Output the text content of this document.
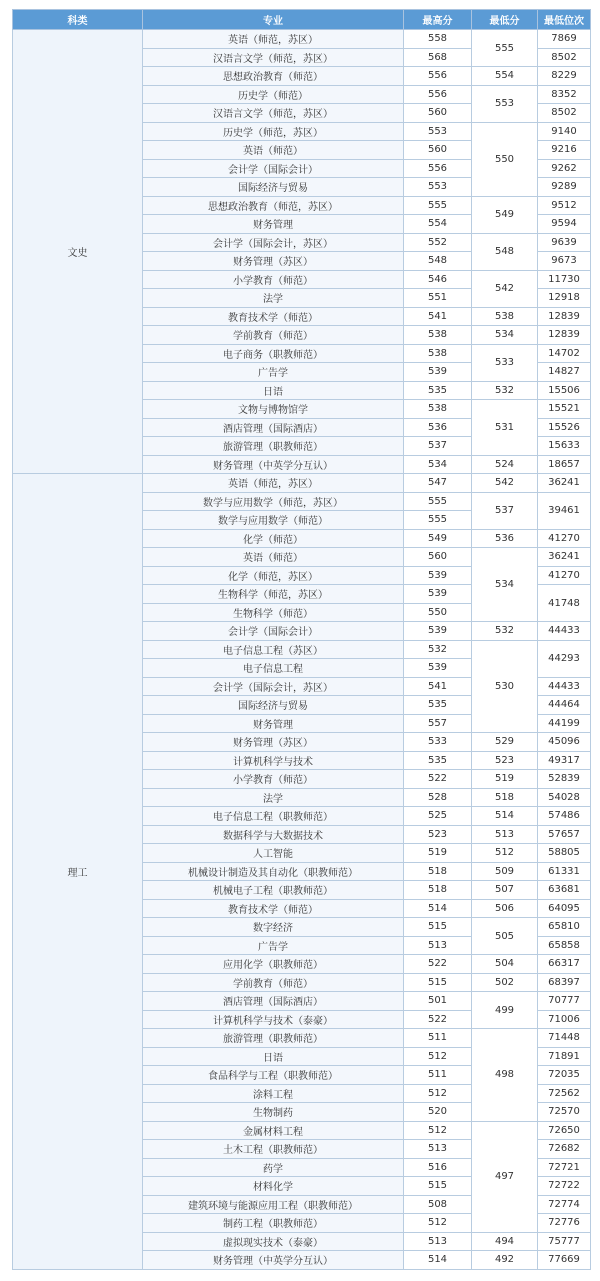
科类	专业	最高分	最低分	最低位次
文史	英语（师范，苏区）	558	555	7869
	汉语言文学（师范，苏区）	568		8502
	思想政治教育（师范）	556	554	8229
	历史学（师范）	556	553	8352
	汉语言文学（师范，苏区）	560		8502
	历史学（师范，苏区）	553	550	9140
	英语（师范）	560		9216
	会计学（国际会计）	556		9262
	国际经济与贸易	553		9289
	思想政治教育（师范，苏区）	555	549	9512
	财务管理	554		9594
	会计学（国际会计，苏区）	552	548	9639
	财务管理（苏区）	548		9673
	小学教育（师范）	546	542	11730
	法学	551		12918
	教育技术学（师范）	541	538	12839
	学前教育（师范）	538	534	12839
	电子商务（职教师范）	538	533	14702
	广告学	539		14827
	日语	535	532	15506
	文物与博物馆学	538	531	15521
	酒店管理（国际酒店）	536		15526
	旅游管理（职教师范）	537		15633
	财务管理（中英学分互认）	534	524	18657
理工	英语（师范，苏区）	547	542	36241
	数学与应用数学（师范，苏区）	555	537	39461
	数学与应用数学（师范）	555		
	化学（师范）	549	536	41270
	英语（师范）	560	534	36241
	化学（师范，苏区）	539		41270
	生物科学（师范，苏区）	539		41748
	生物科学（师范）	550		
	会计学（国际会计）	539	532	44433
	电子信息工程（苏区）	532	530	44293
	电子信息工程	539		
	会计学（国际会计，苏区）	541		44433
	国际经济与贸易	535		44464
	财务管理	557		44199
	财务管理（苏区）	533	529	45096
	计算机科学与技术	535	523	49317
	小学教育（师范）	522	519	52839
	法学	528	518	54028
	电子信息工程（职教师范）	525	514	57486
	数据科学与大数据技术	523	513	57657
	人工智能	519	512	58805
	机械设计制造及其自动化（职教师范）	518	509	61331
	机械电子工程（职教师范）	518	507	63681
	教育技术学（师范）	514	506	64095
	数字经济	515	505	65810
	广告学	513		65858
	应用化学（职教师范）	522	504	66317
	学前教育（师范）	515	502	68397
	酒店管理（国际酒店）	501	499	70777
	计算机科学与技术（泰豪）	522		71006
	旅游管理（职教师范）	511	498	71448
	日语	512		71891
	食品科学与工程（职教师范）	511		72035
	涂料工程	512		72562
	生物制药	520		72570
	金属材料工程	512	497	72650
	土木工程（职教师范）	513		72682
	药学	516		72721
	材料化学	515		72722
	建筑环境与能源应用工程（职教师范）	508		72774
	制药工程（职教师范）	512		72776
	虚拟现实技术（泰豪）	513	494	75777
	财务管理（中英学分互认）	514	492	77669
